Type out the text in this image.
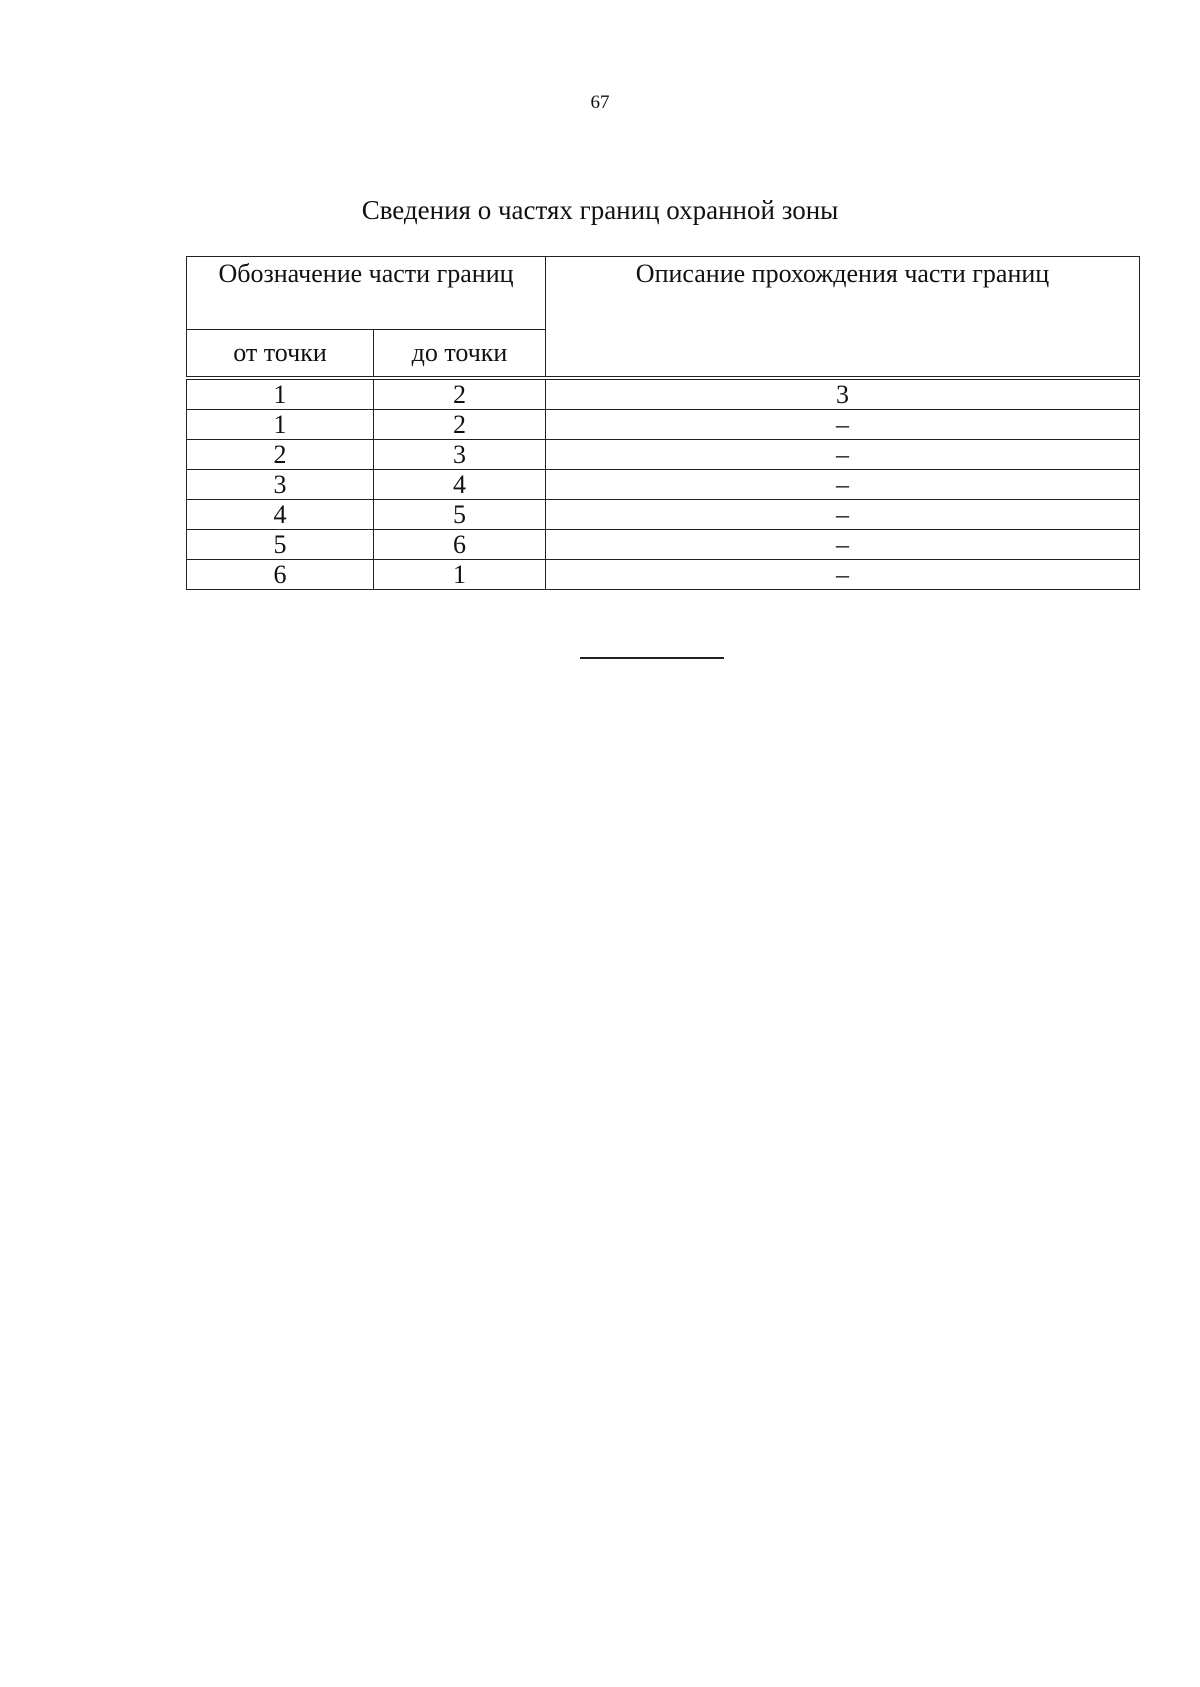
67
Сведения о частях границ охранной зоны
Обозначение части границ		Описание прохождения части границ
от точки	до точки	

1	2	3
1	2	–
2	3	–
3	4	–
4	5	–
5	6	–
6	1	–
